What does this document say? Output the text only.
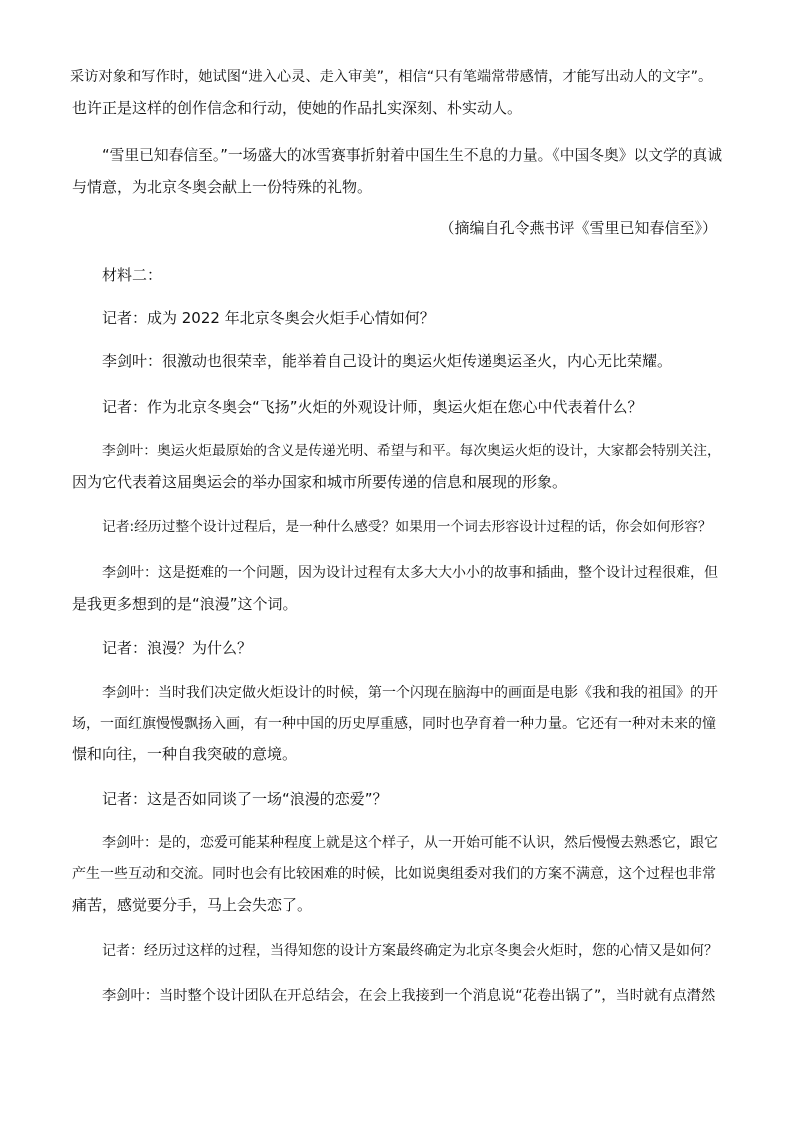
采访对象和写作时，她试图“进入心灵、走入审美”，相信“只有笔端常带感情，才能写出动人的文字”。
也许正是这样的创作信念和行动，使她的作品扎实深刻、朴实动人。
“雪里已知春信至。”一场盛大的冰雪赛事折射着中国生生不息的力量。《中国冬奥》以文学的真诚
与情意，为北京冬奥会献上一份特殊的礼物。
（摘编自孔令燕书评《雪里已知春信至》）
材料二：
记者：成为 2022 年北京冬奥会火炬手心情如何？
李剑叶：很激动也很荣幸，能举着自己设计的奥运火炬传递奥运圣火，内心无比荣耀。
记者：作为北京冬奥会“飞扬”火炬的外观设计师，奥运火炬在您心中代表着什么？
李剑叶：奥运火炬最原始的含义是传递光明、希望与和平。每次奥运火炬的设计，大家都会特别关注，
因为它代表着这届奥运会的举办国家和城市所要传递的信息和展现的形象。
记者:经历过整个设计过程后，是一种什么感受？如果用一个词去形容设计过程的话，你会如何形容？
李剑叶：这是挺难的一个问题，因为设计过程有太多大大小小的故事和插曲，整个设计过程很难，但
是我更多想到的是“浪漫”这个词。
记者：浪漫？为什么？
李剑叶：当时我们决定做火炬设计的时候，第一个闪现在脑海中的画面是电影《我和我的祖国》的开
场，一面红旗慢慢飘扬入画，有一种中国的历史厚重感，同时也孕育着一种力量。它还有一种对未来的憧
憬和向往，一种自我突破的意境。
记者：这是否如同谈了一场“浪漫的恋爱”？
李剑叶：是的，恋爱可能某种程度上就是这个样子，从一开始可能不认识，然后慢慢去熟悉它，跟它
产生一些互动和交流。同时也会有比较困难的时候，比如说奥组委对我们的方案不满意，这个过程也非常
痛苦，感觉要分手，马上会失恋了。
记者：经历过这样的过程，当得知您的设计方案最终确定为北京冬奥会火炬时，您的心情又是如何？
李剑叶：当时整个设计团队在开总结会，在会上我接到一个消息说“花卷出锅了”，当时就有点潸然
